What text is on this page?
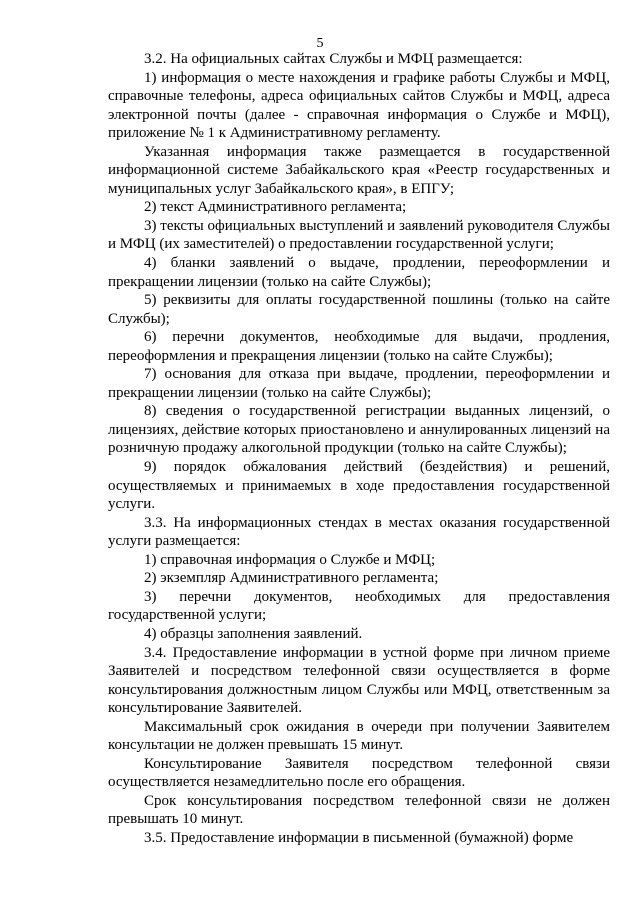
5

3.2. На официальных сайтах Службы и МФЦ размещается:

1) информация о месте нахождения и графике работы Службы и МФЦ, справочные телефоны, адреса официальных сайтов Службы и МФЦ, адреса электронной почты (далее - справочная информация о Службе и МФЦ), приложение № 1 к Административному регламенту.

Указанная информация также размещается в государственной информационной системе Забайкальского края «Реестр государственных и муниципальных услуг Забайкальского края», в ЕПГУ;

2) текст Административного регламента;

3) тексты официальных выступлений и заявлений руководителя Службы и МФЦ (их заместителей) о предоставлении государственной услуги;

4) бланки заявлений о выдаче, продлении, переоформлении и прекращении лицензии (только на сайте Службы);

5) реквизиты для оплаты государственной пошлины (только на сайте Службы);

6) перечни документов, необходимые для выдачи, продления, переоформления и прекращения лицензии (только на сайте Службы);

7) основания для отказа при выдаче, продлении, переоформлении и прекращении лицензии (только на сайте Службы);

8) сведения о государственной регистрации выданных лицензий, о лицензиях, действие которых приостановлено и аннулированных лицензий на розничную продажу алкогольной продукции (только на сайте Службы);

9) порядок обжалования действий (бездействия) и решений, осуществляемых и принимаемых в ходе предоставления государственной услуги.

3.3. На информационных стендах в местах оказания государственной услуги размещается:

1) справочная информация о Службе и МФЦ;

2) экземпляр Административного регламента;

3) перечни документов, необходимых для предоставления государственной услуги;

4) образцы заполнения заявлений.

3.4. Предоставление информации в устной форме при личном приеме Заявителей и посредством телефонной связи осуществляется в форме консультирования должностным лицом Службы или МФЦ, ответственным за консультирование Заявителей.

Максимальный срок ожидания в очереди при получении Заявителем консультации не должен превышать 15 минут.

Консультирование Заявителя посредством телефонной связи осуществляется незамедлительно после его обращения.

Срок консультирования посредством телефонной связи не должен превышать 10 минут.

3.5. Предоставление информации в письменной (бумажной) форме
